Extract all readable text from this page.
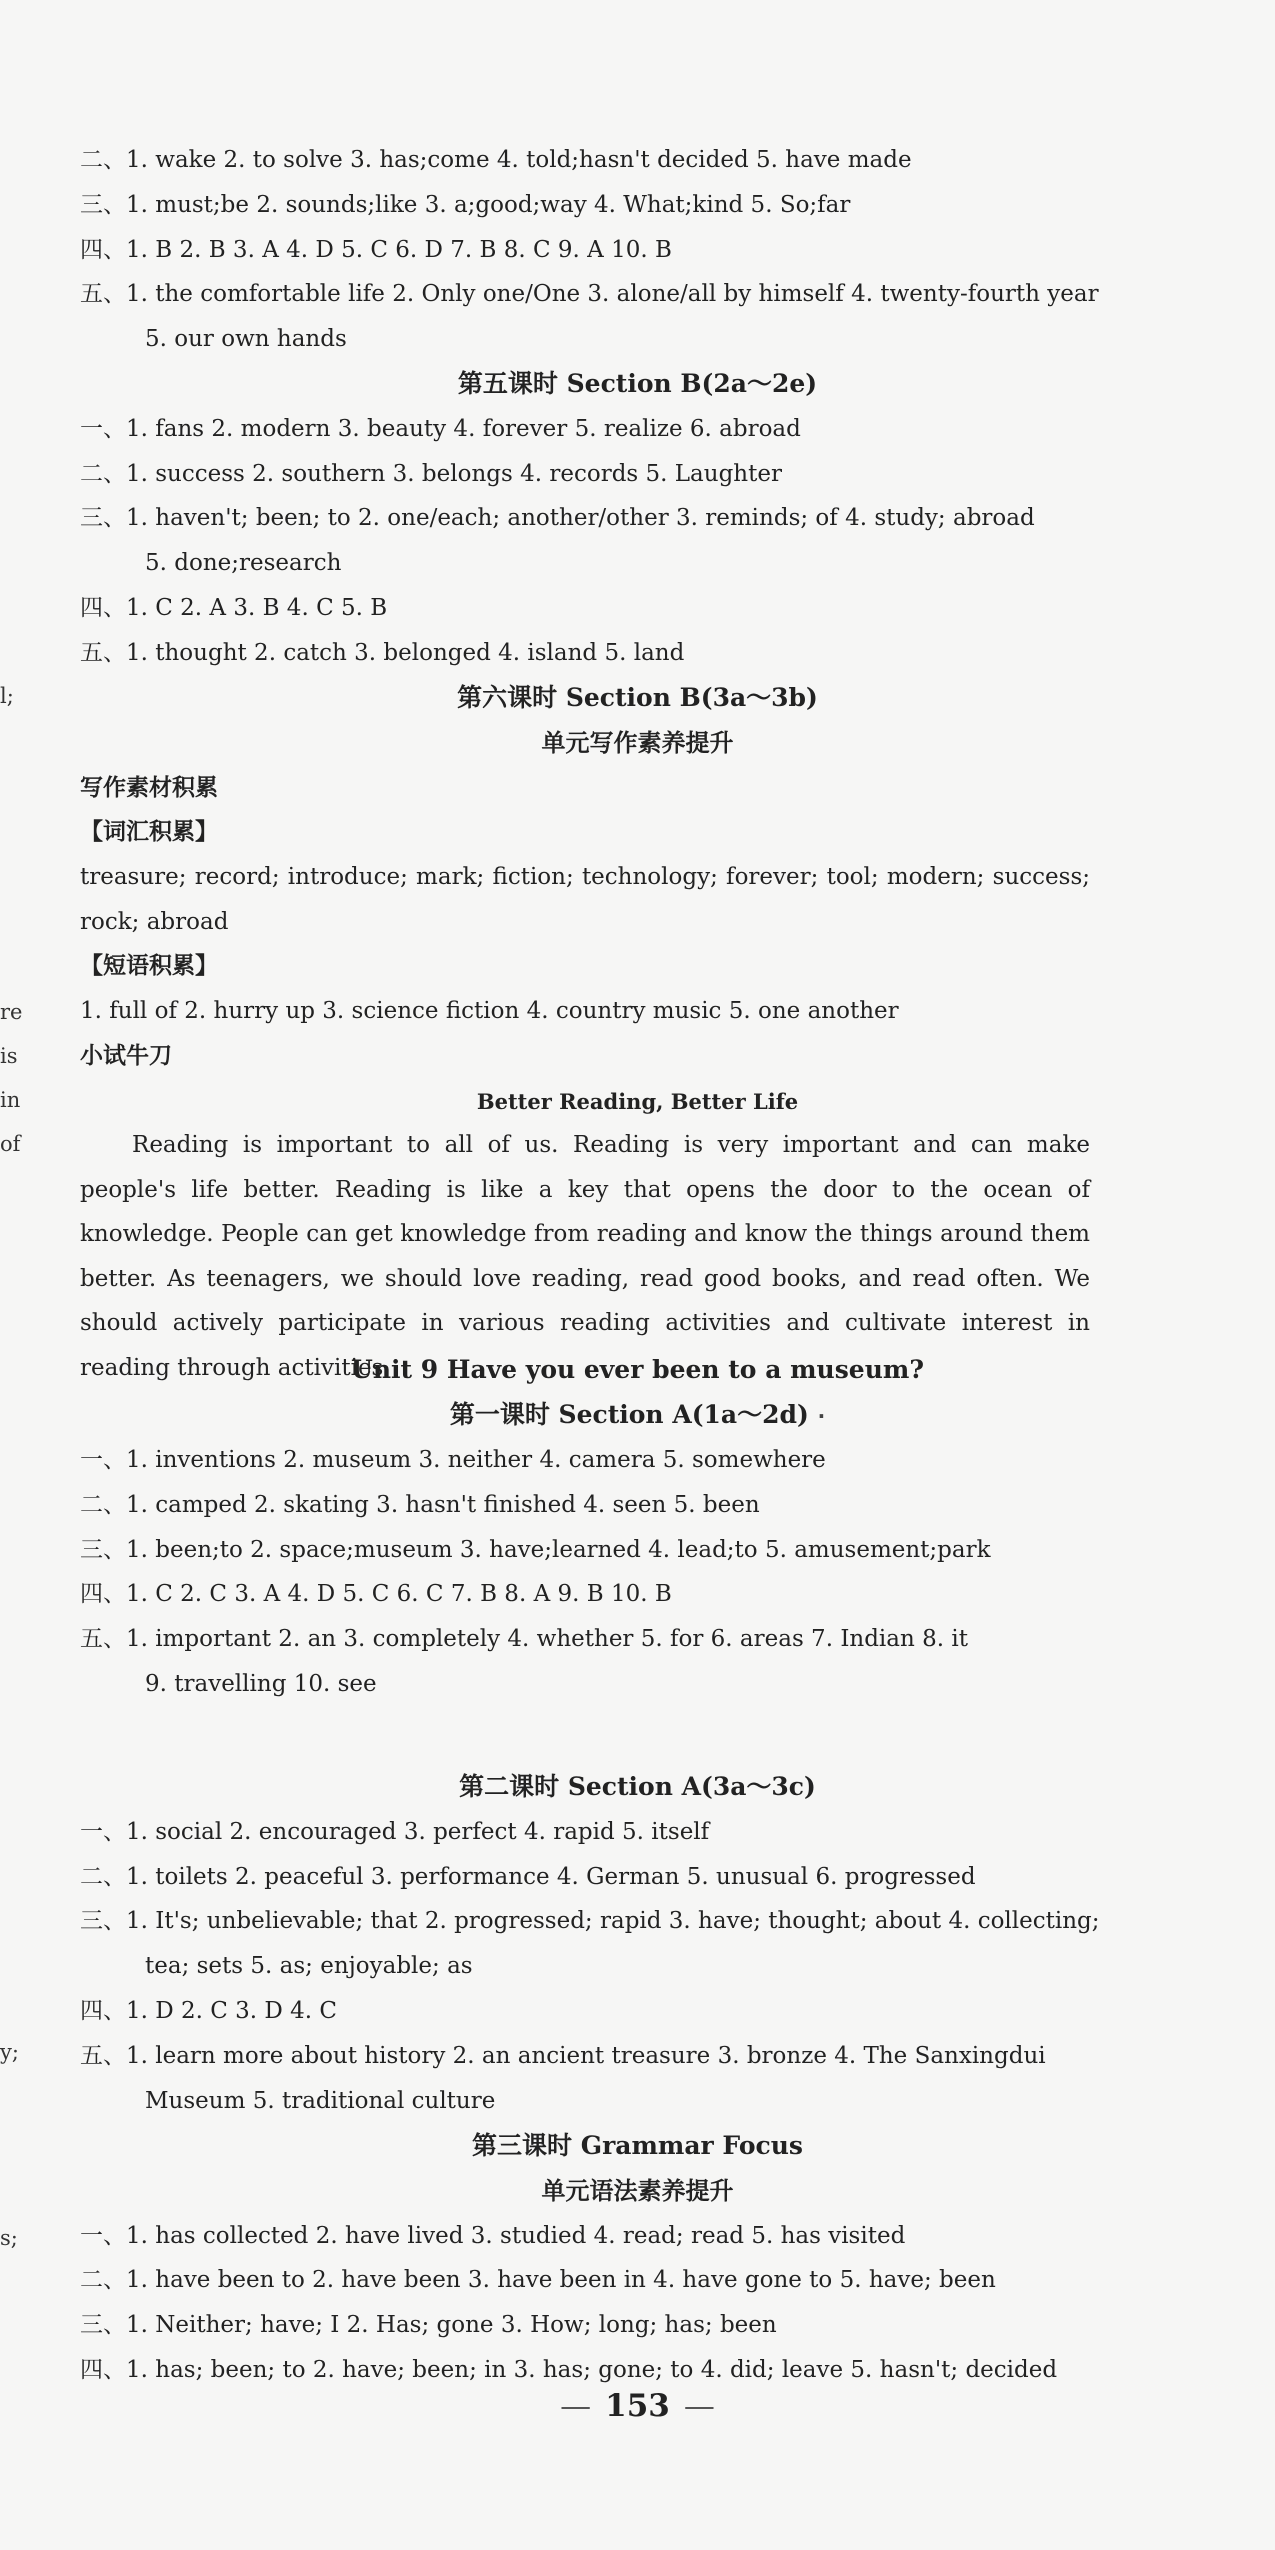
l;
re
is
in
of
y;
s;
二、1. wake 2. to solve 3. has;come 4. told;hasn't decided 5. have made
三、1. must;be 2. sounds;like 3. a;good;way 4. What;kind 5. So;far
四、1. B 2. B 3. A 4. D 5. C 6. D 7. B 8. C 9. A 10. B
五、1. the comfortable life 2. Only one/One 3. alone/all by himself 4. twenty-fourth year
5. our own hands
第五课时 Section B(2a～2e)
一、1. fans 2. modern 3. beauty 4. forever 5. realize 6. abroad
二、1. success 2. southern 3. belongs 4. records 5. Laughter
三、1. haven't; been; to 2. one/each; another/other 3. reminds; of 4. study; abroad
5. done;research
四、1. C 2. A 3. B 4. C 5. B
五、1. thought 2. catch 3. belonged 4. island 5. land
第六课时 Section B(3a～3b)
单元写作素养提升
写作素材积累
【词汇积累】
treasure; record; introduce; mark; fiction; technology; forever; tool; modern; success; rock; abroad
【短语积累】
1. full of 2. hurry up 3. science fiction 4. country music 5. one another
小试牛刀
Better Reading, Better Life
Reading is important to all of us. Reading is very important and can make people's life better. Reading is like a key that opens the door to the ocean of knowledge. People can get knowledge from reading and know the things around them better. As teenagers, we should love reading, read good books, and read often. We should actively participate in various reading activities and cultivate interest in reading through activities.
Unit 9 Have you ever been to a museum?
第一课时 Section A(1a～2d) ·
一、1. inventions 2. museum 3. neither 4. camera 5. somewhere
二、1. camped 2. skating 3. hasn't finished 4. seen 5. been
三、1. been;to 2. space;museum 3. have;learned 4. lead;to 5. amusement;park
四、1. C 2. C 3. A 4. D 5. C 6. C 7. B 8. A 9. B 10. B
五、1. important 2. an 3. completely 4. whether 5. for 6. areas 7. Indian 8. it
9. travelling 10. see
第二课时 Section A(3a～3c)
一、1. social 2. encouraged 3. perfect 4. rapid 5. itself
二、1. toilets 2. peaceful 3. performance 4. German 5. unusual 6. progressed
三、1. It's; unbelievable; that 2. progressed; rapid 3. have; thought; about 4. collecting;
tea; sets 5. as; enjoyable; as
四、1. D 2. C 3. D 4. C
五、1. learn more about history 2. an ancient treasure 3. bronze 4. The Sanxingdui
Museum 5. traditional culture
第三课时 Grammar Focus
单元语法素养提升
一、1. has collected 2. have lived 3. studied 4. read; read 5. has visited
二、1. have been to 2. have been 3. have been in 4. have gone to 5. have; been
三、1. Neither; have; I 2. Has; gone 3. How; long; has; been
四、1. has; been; to 2. have; been; in 3. has; gone; to 4. did; leave 5. hasn't; decided
— 153 —
